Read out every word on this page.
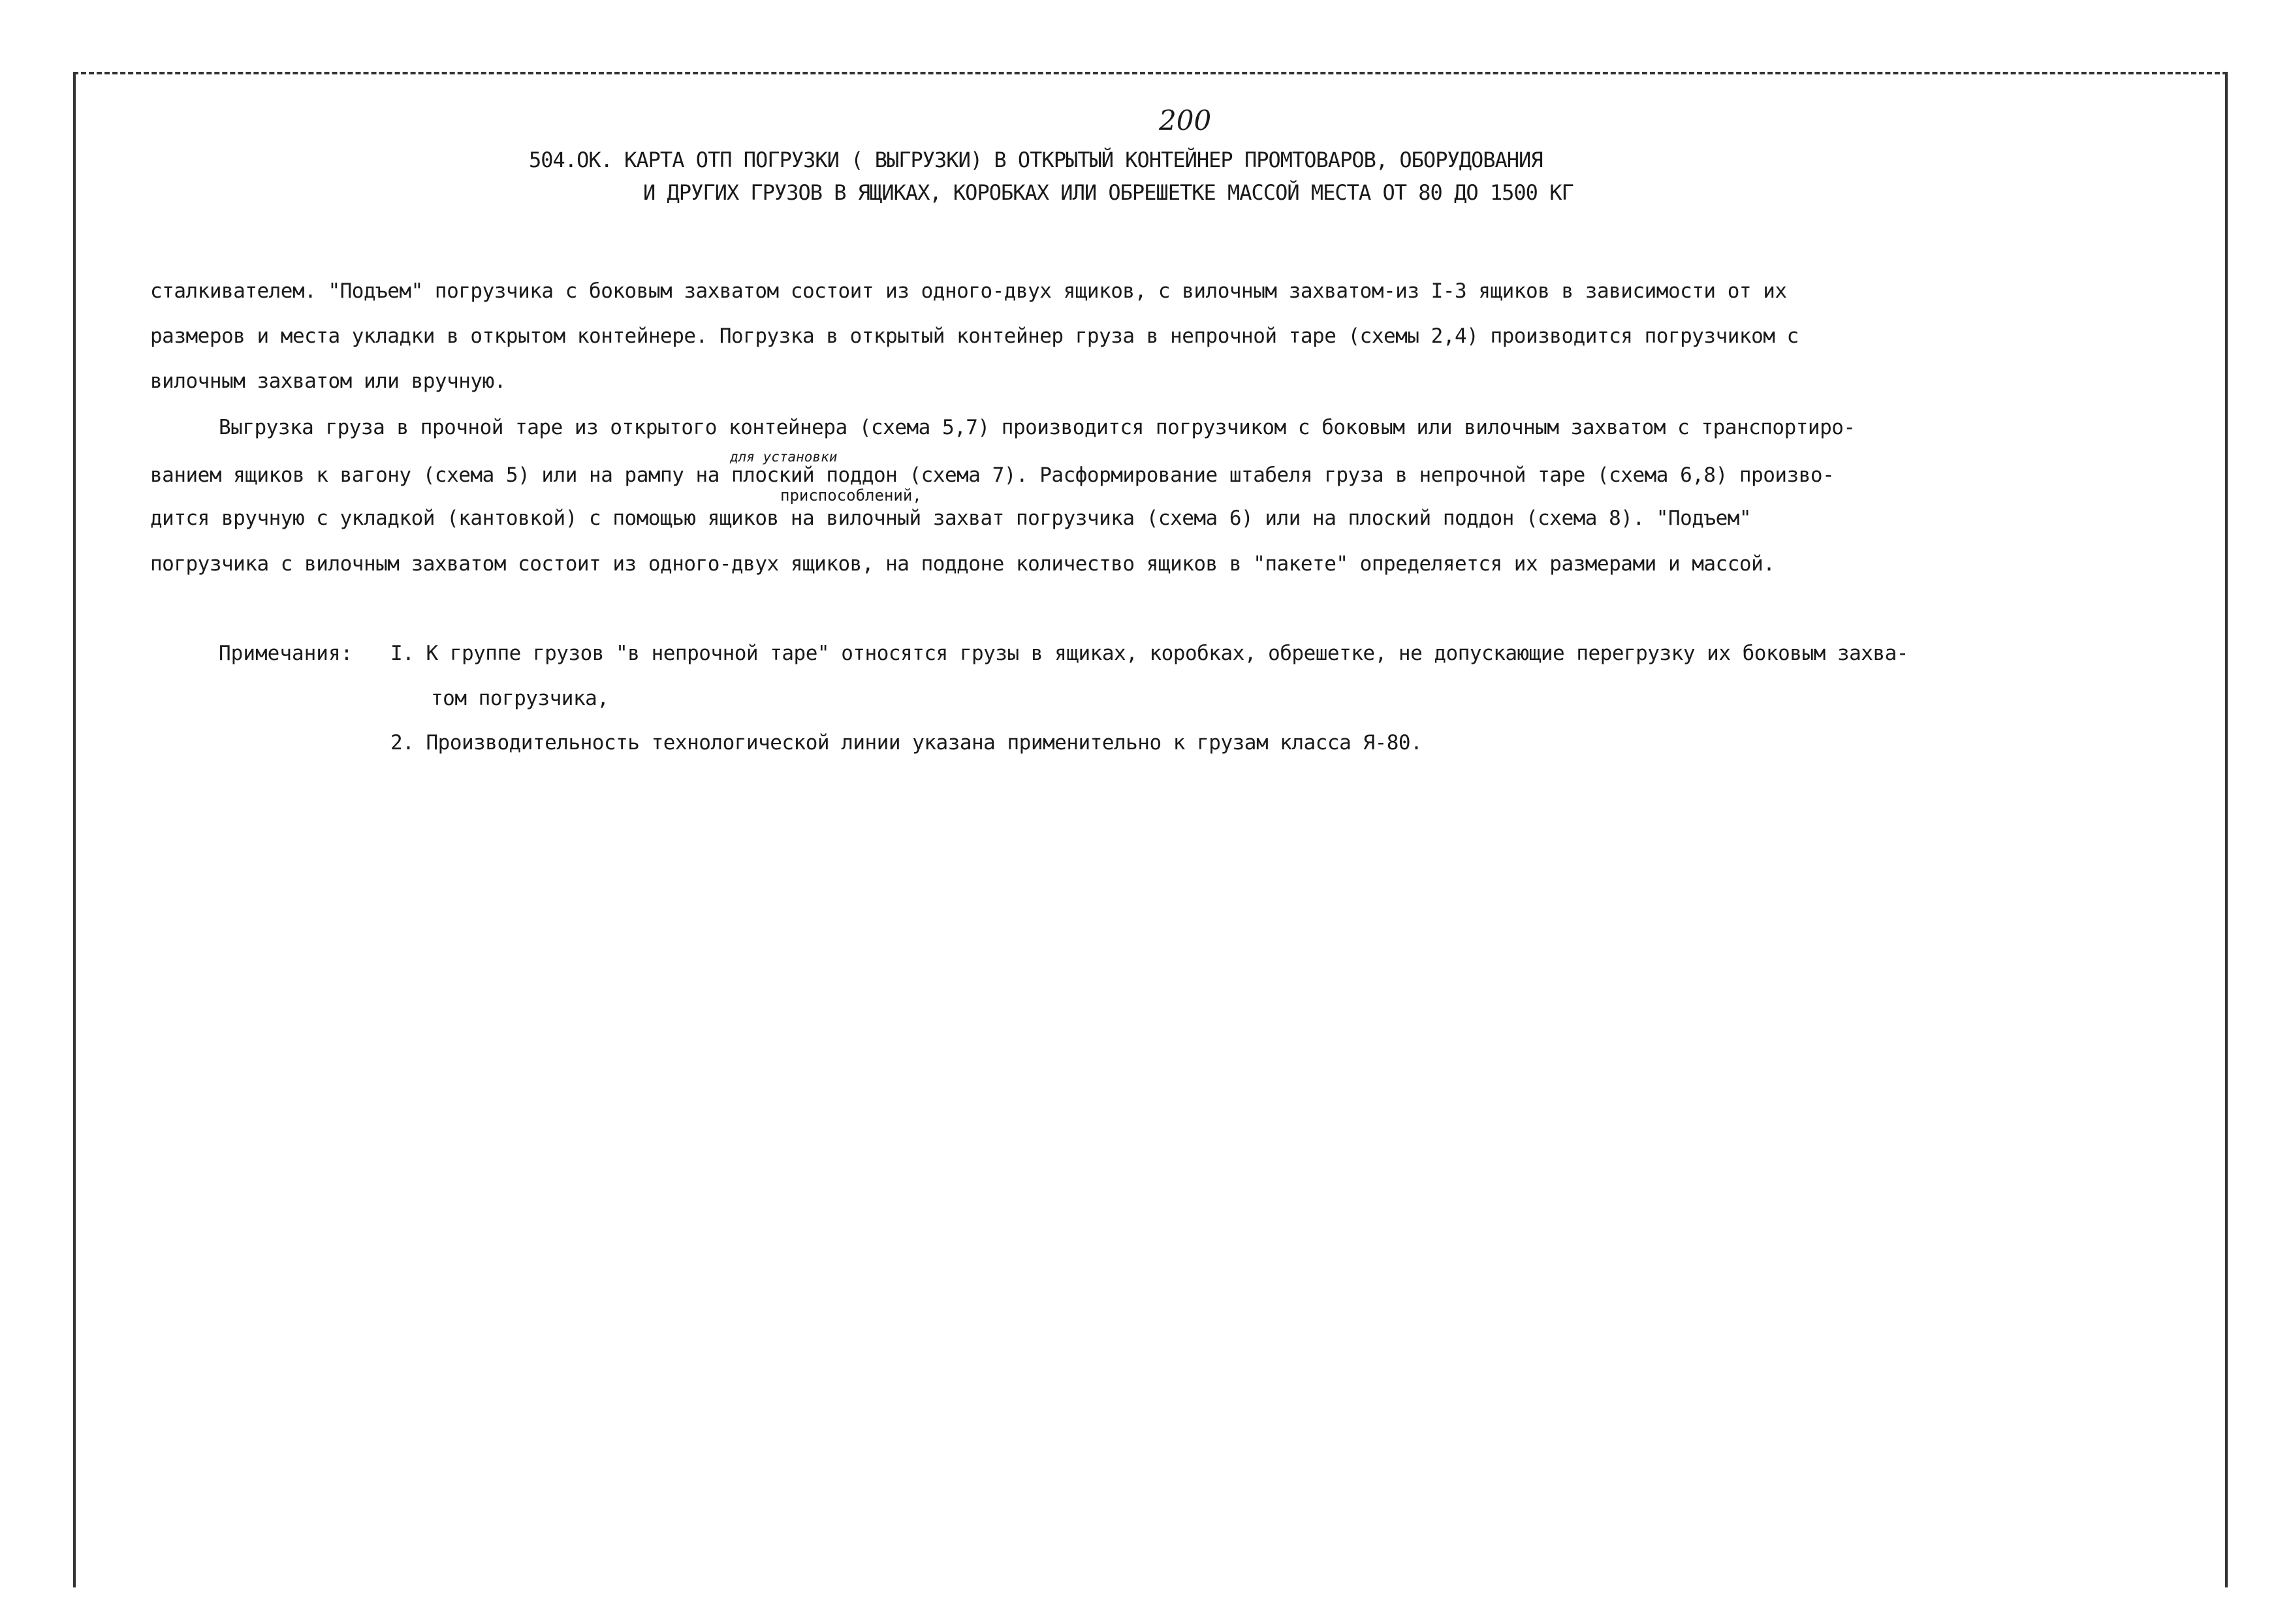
200
504.ОК. КАРТА ОТП ПОГРУЗКИ ( ВЫГРУЗКИ) В ОТКРЫТЫЙ КОНТЕЙНЕР ПРОМТОВАРОВ, ОБОРУДОВАНИЯ
И ДРУГИХ ГРУЗОВ В ЯЩИКАХ, КОРОБКАХ ИЛИ ОБРЕШЕТКЕ МАССОЙ МЕСТА ОТ 80 ДО 1500 КГ
сталкивателем. "Подъем" погрузчика с боковым захватом состоит из одного-двух ящиков, с вилочным захватом-из I-3 ящиков в зависимости от их
размеров и места укладки в открытом контейнере. Погрузка в открытый контейнер груза в непрочной таре (схемы 2,4) производится погрузчиком с
вилочным захватом или вручную.
Выгрузка груза в прочной таре из открытого контейнера (схема 5,7) производится погрузчиком с боковым или вилочным захватом с транспортиро-
для установки
ванием ящиков к вагону (схема 5) или на рампу на плоский поддон (схема 7). Расформирование штабеля груза в непрочной таре (схема 6,8) произво-
приспособлений,
дится вручную с укладкой (кантовкой) с помощью ящиков на вилочный захват погрузчика (схема 6) или на плоский поддон (схема 8). "Подъем"
погрузчика с вилочным захватом состоит из одного-двух ящиков, на поддоне количество ящиков в "пакете" определяется их размерами и массой.
Примечания: I. К группе грузов "в непрочной таре" относятся грузы в ящиках, коробках, обрешетке, не допускающие перегрузку их боковым захва-
том погрузчика,
2. Производительность технологической линии указана применительно к грузам класса Я-80.
